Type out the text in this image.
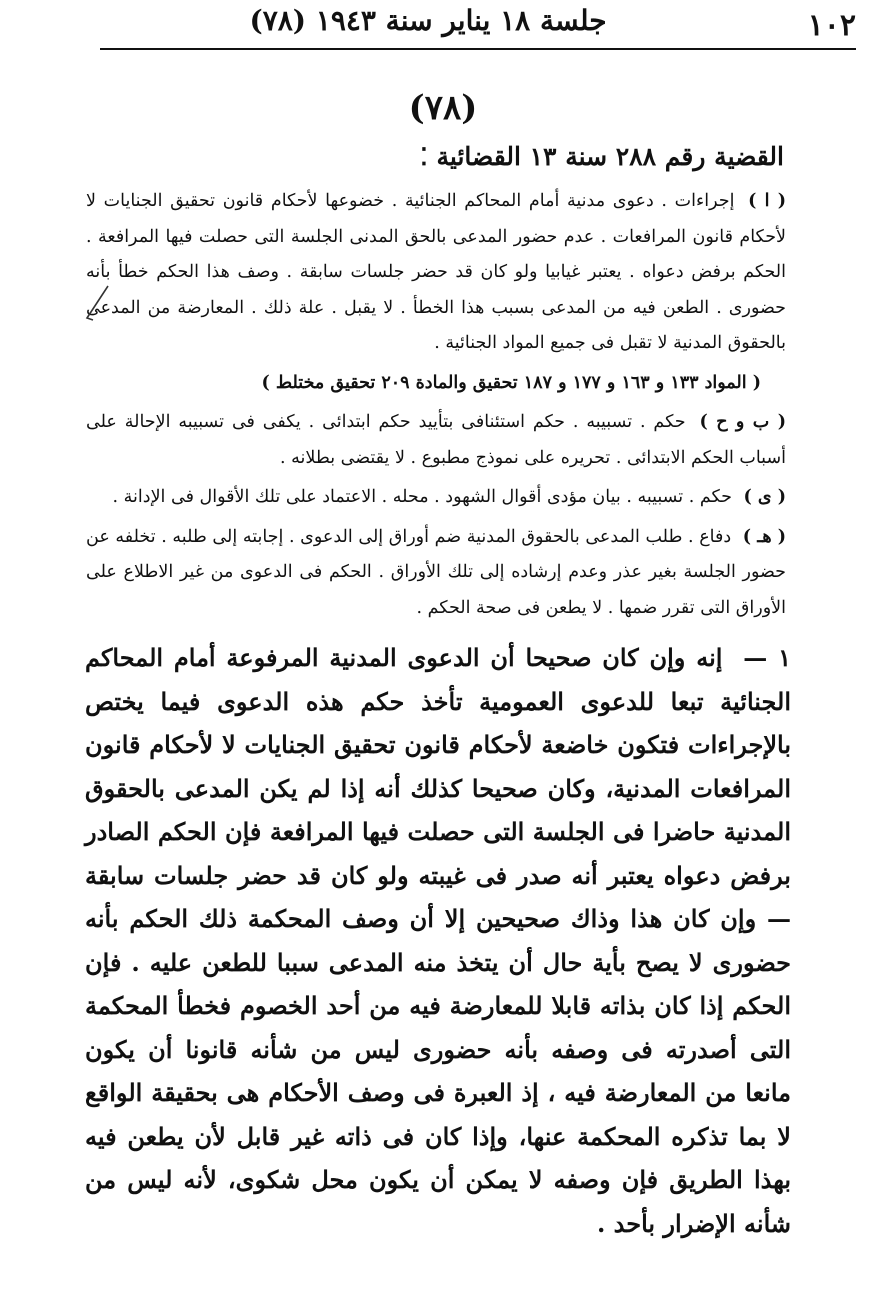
١٠٢
جلسة ١٨ يناير سنة ١٩٤٣ (٧٨)
(٧٨)
القضية رقم ٢٨٨ سنة ١٣ القضائية ⁚

( ا ) إجراءات . دعوى مدنية أمام المحاكم الجنائية . خضوعها لأحكام قانون تحقيق الجنايات لا لأحكام قانون المرافعات . عدم حضور المدعى بالحق المدنى الجلسة التى حصلت فيها المرافعة . الحكم برفض دعواه . يعتبر غيابيا ولو كان قد حضر جلسات سابقة . وصف هذا الحكم خطأ بأنه حضورى . الطعن فيه من المدعى بسبب هذا الخطأ . لا يقبل . علة ذلك . المعارضة من المدعى بالحقوق المدنية لا تقبل فى جميع المواد الجنائية .

( المواد ١٣٣ و ١٦٣ و ١٧٧ و ١٨٧ تحقيق والمادة ٢٠٩ تحقيق مختلط )

( ب و ح ) حكم . تسبيبه . حكم استئنافى بتأييد حكم ابتدائى . يكفى فى تسبيبه الإحالة على أسباب الحكم الابتدائى . تحريره على نموذج مطبوع . لا يقتضى بطلانه .

( ى ) حكم . تسبيبه . بيان مؤدى أقوال الشهود . محله . الاعتماد على تلك الأقوال فى الإدانة .

( هـ ) دفاع . طلب المدعى بالحقوق المدنية ضم أوراق إلى الدعوى . إجابته إلى طلبه . تخلفه عن حضور الجلسة بغير عذر وعدم إرشاده إلى تلك الأوراق . الحكم فى الدعوى من غير الاطلاع على الأوراق التى تقرر ضمها . لا يطعن فى صحة الحكم .

١ — إنه وإن كان صحيحا أن الدعوى المدنية المرفوعة أمام المحاكم الجنائية تبعا للدعوى العمومية تأخذ حكم هذه الدعوى فيما يختص بالإجراءات فتكون خاضعة لأحكام قانون تحقيق الجنايات لا لأحكام قانون المرافعات المدنية، وكان صحيحا كذلك أنه إذا لم يكن المدعى بالحقوق المدنية حاضرا فى الجلسة التى حصلت فيها المرافعة فإن الحكم الصادر برفض دعواه يعتبر أنه صدر فى غيبته ولو كان قد حضر جلسات سابقة — وإن كان هذا وذاك صحيحين إلا أن وصف المحكمة ذلك الحكم بأنه حضورى لا يصح بأية حال أن يتخذ منه المدعى سببا للطعن عليه . فإن الحكم إذا كان بذاته قابلا للمعارضة فيه من أحد الخصوم فخطأ المحكمة التى أصدرته فى وصفه بأنه حضورى ليس من شأنه قانونا أن يكون مانعا من المعارضة فيه ، إذ العبرة فى وصف الأحكام هى بحقيقة الواقع لا بما تذكره المحكمة عنها، وإذا كان فى ذاته غير قابل لأن يطعن فيه بهذا الطريق فإن وصفه لا يمكن أن يكون محل شكوى، لأنه ليس من شأنه الإضرار بأحد .
